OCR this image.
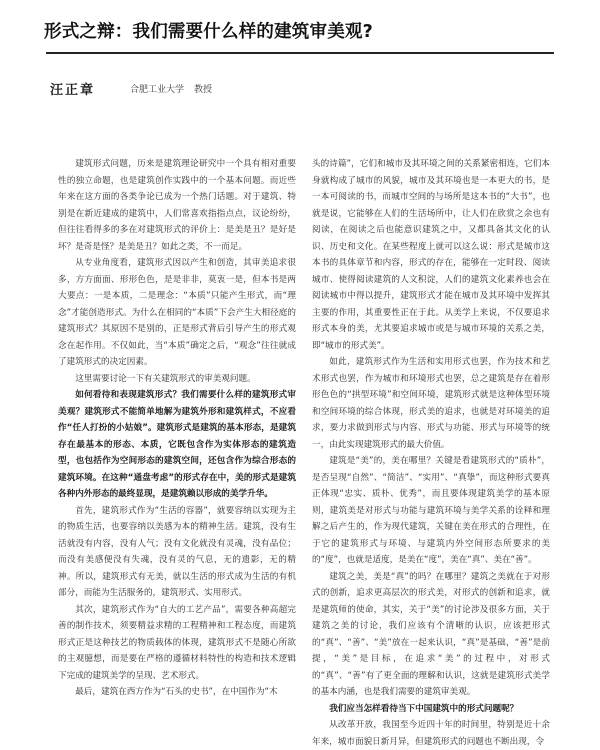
形式之辩：我们需要什么样的建筑审美观?
汪正章	合肥工业大学 教授

建筑形式问题，历来是建筑理论研究中一个具有相对重要性的独立命题，也是建筑创作实践中的一个基本问题。而近些年来在这方面的各类争论已成为一个热门话题。对于建筑、特别是在新近建成的建筑中，人们常喜欢指指点点，议论纷纷，但往往看得多的多在对建筑形式的评价上：是美是丑？是好是坏？是奇是怪？是美是丑？如此之类，不一而足。

从专业角度看，建筑形式因以产生和创造，其审美追求很多，方方面面、形形色色，是是非非，莫衷一是，但本书是两大要点：一是本质，二是理念：“本质”只能产生形式，而“理念”才能创造形式。为什么在相同的“本质”下会产生大相径庭的建筑形式？其原因不是别的，正是形式背后引导产生的形式观念在起作用。不仅如此，当“本质”确定之后，“观念”往往就成了建筑形式的决定因素。

这里需要讨论一下有关建筑形式的审美观问题。

如何看待和表现建筑形式？我们需要什么样的建筑形式审美观？建筑形式不能简单地解为建筑外形和建筑样式，不应看作“任人打扮的小姑娘”。建筑形式是建筑的基本形态，是建筑存在最基本的形态、本质，它既包含作为实体形态的建筑造型，也包括作为空间形态的建筑空间，还包含作为综合形态的建筑环境。在这种“通盘考虑”的形式存在中，美的形式是建筑各种内外形态的最终显现，是建筑赖以形成的美学升华。

首先，建筑形式作为“生活的容器”，就要容纳以实现为主的物质生活，也要容纳以美感为本的精神生活。建筑，没有生活就没有内容，没有人气；没有文化就没有灵魂，没有品位；而没有美感便没有失魂，没有灵的气息，无的遗影，无的精神。所以，建筑形式有无美，就以生活的形式成为生活的有机部分，而能为生活服务的，建筑形式、实用形式。

其次，建筑形式作为“自大的工艺产品”，需要各种高超完善的制作技术，须要精益求精的工程精神和工程态度，而建筑形式正是这种技艺的物质载体的体现，建筑形式不是随心所欲的主观臆想，而是要在严格的遵循材料特性的构造和技术逻辑下完成的建筑美学的呈现、艺术形式。

最后，建筑在西方作为“石头的史书”，在中国作为“木

头的诗篇”，它们和城市及其环境之间的关系紧密相连，它们本身就构成了城市的风貌，城市及其环境也是一本更大的书，是一本可阅读的书，而城市空间的与场所是这本书的“大书”，也就是说，它能够在人们的生活场所中，让人们在欣赏之余也有阅读，在阅读之后也能意识建筑之中，又都具备其文化的认识、历史和文化。在某些程度上就可以这么说：形式是城市这本书的具体章节和内容，形式的存在，能够在一定时段、阅读城市、使得阅读建筑的人文积淀，人们的建筑文化素养也会在阅读城市中得以提升，建筑形式才能在城市及其环境中发挥其主要的作用，其重要性正在于此。从美学上来说，不仅要追求形式本身的美，尤其要追求城市或是与城市环境的关系之美，即“城市的形式美”。

如此，建筑形式作为生活和实用形式也罢，作为技术和艺术形式也罢，作为城市和环境形式也罢，总之建筑是存在着形形色色的“拱型环境”和空间环境，建筑形式就是这种体型环境和空间环境的综合体现，形式美的追求，也就是对环境美的追求，要力求做到形式与内容、形式与功能、形式与环境等的统一，由此实现建筑形式的最大价值。

建筑是“美”的，美在哪里？关键是看建筑形式的“质朴”，是否呈现“自然”、“简洁”、“实用”、“真挚”，而这种形式要真正体现“忠实、质朴、优秀”，而且要体现建筑美学的基本原则，建筑美是对形式与功能与建筑环境与美学关系的诠释和理解之后产生的，作为现代建筑，关键在美在形式的合理性，在于它的建筑形式与环境、与建筑内外空间形态所要求的美的“度”，也就是适度，是美在“度”，美在“真”、美在“善”。

建筑之美，美是“真”的吗？在哪里？建筑之美就在于对形式的创新，追求更高层次的形式美，对形式的创新和追求，就是建筑师的使命，其实，关于“美”的讨论涉及很多方面，关于建筑之美的讨论，我们应该有个清晰的认识，应该把形式的“真”、“善”、“美”放在一起来认识，“真”是基础，“善”是前提，“美”是目标，在追求“美”的过程中，对形式的“真”、“善”有了更全面的理解和认识，这就是建筑形式美学的基本内涵，也是我们需要的建筑审美观。

我们应当怎样看待当下中国建筑中的形式问题呢？

从改革开放，我国至今近四十年的时间里，特别是近十余年来，城市面貌日新月异，但建筑形式的问题也不断出现，令
